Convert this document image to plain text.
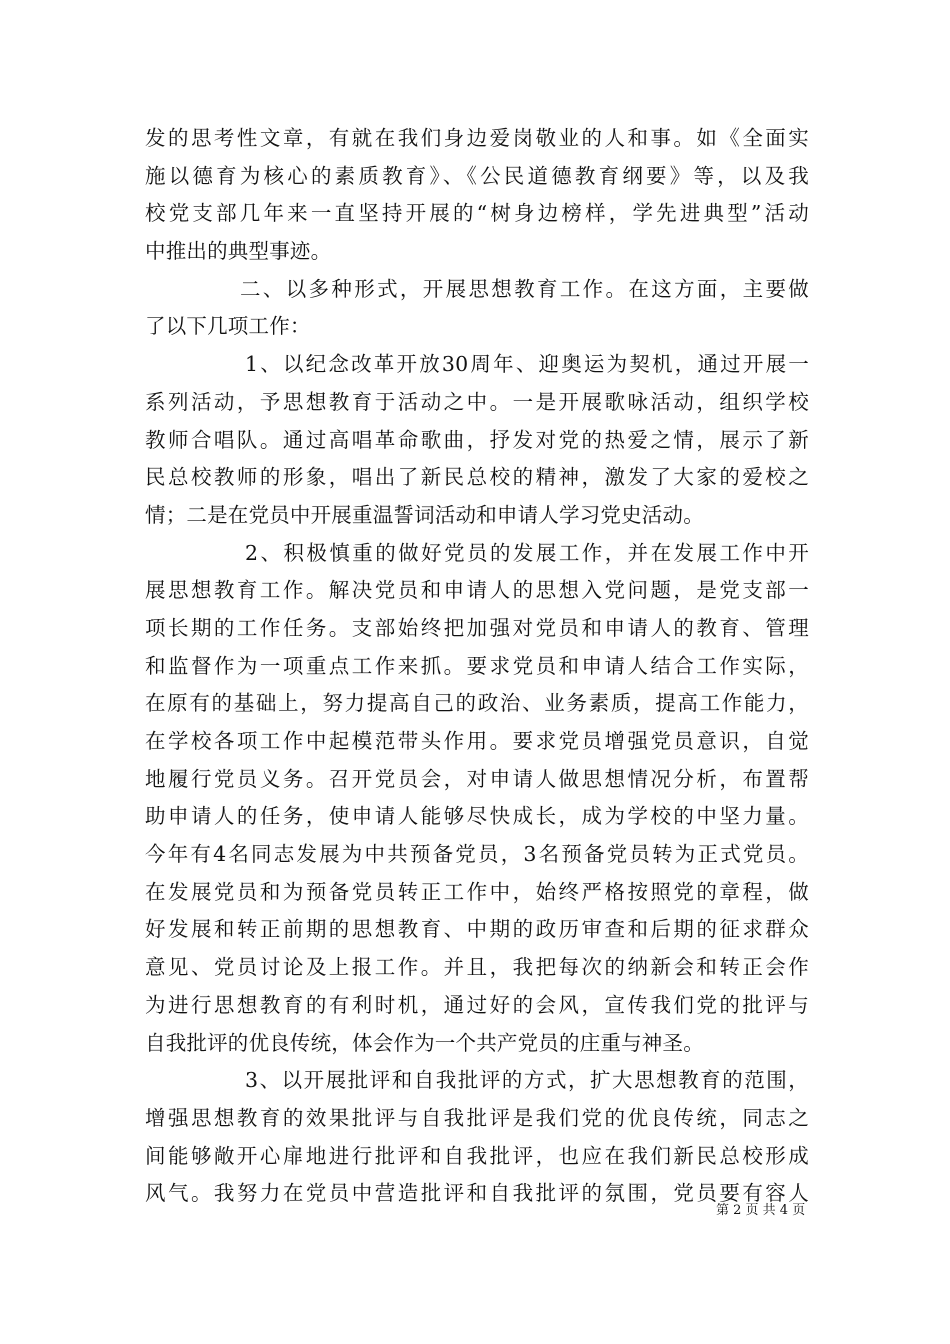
发的思考性文章，有就在我们身边爱岗敬业的人和事。如《全面实
施以德育为核心的素质教育》、《公民道德教育纲要》等，以及我
校党支部几年来一直坚持开展的“树身边榜样，学先进典型”活动
中推出的典型事迹。
二、以多种形式，开展思想教育工作。在这方面，主要做
了以下几项工作：
1、以纪念改革开放30周年、迎奥运为契机，通过开展一
系列活动，予思想教育于活动之中。一是开展歌咏活动，组织学校
教师合唱队。通过高唱革命歌曲，抒发对党的热爱之情，展示了新
民总校教师的形象，唱出了新民总校的精神，激发了大家的爱校之
情；二是在党员中开展重温誓词活动和申请人学习党史活动。
2、积极慎重的做好党员的发展工作，并在发展工作中开
展思想教育工作。解决党员和申请人的思想入党问题，是党支部一
项长期的工作任务。支部始终把加强对党员和申请人的教育、管理
和监督作为一项重点工作来抓。要求党员和申请人结合工作实际，
在原有的基础上，努力提高自己的政治、业务素质，提高工作能力，
在学校各项工作中起模范带头作用。要求党员增强党员意识，自觉
地履行党员义务。召开党员会，对申请人做思想情况分析，布置帮
助申请人的任务，使申请人能够尽快成长，成为学校的中坚力量。
今年有4名同志发展为中共预备党员，3名预备党员转为正式党员。
在发展党员和为预备党员转正工作中，始终严格按照党的章程，做
好发展和转正前期的思想教育、中期的政历审查和后期的征求群众
意见、党员讨论及上报工作。并且，我把每次的纳新会和转正会作
为进行思想教育的有利时机，通过好的会风，宣传我们党的批评与
自我批评的优良传统，体会作为一个共产党员的庄重与神圣。
3、以开展批评和自我批评的方式，扩大思想教育的范围，
增强思想教育的效果批评与自我批评是我们党的优良传统，同志之
间能够敞开心扉地进行批评和自我批评，也应在我们新民总校形成
风气。我努力在党员中营造批评和自我批评的氛围，党员要有容人
第 2 页 共 4 页
